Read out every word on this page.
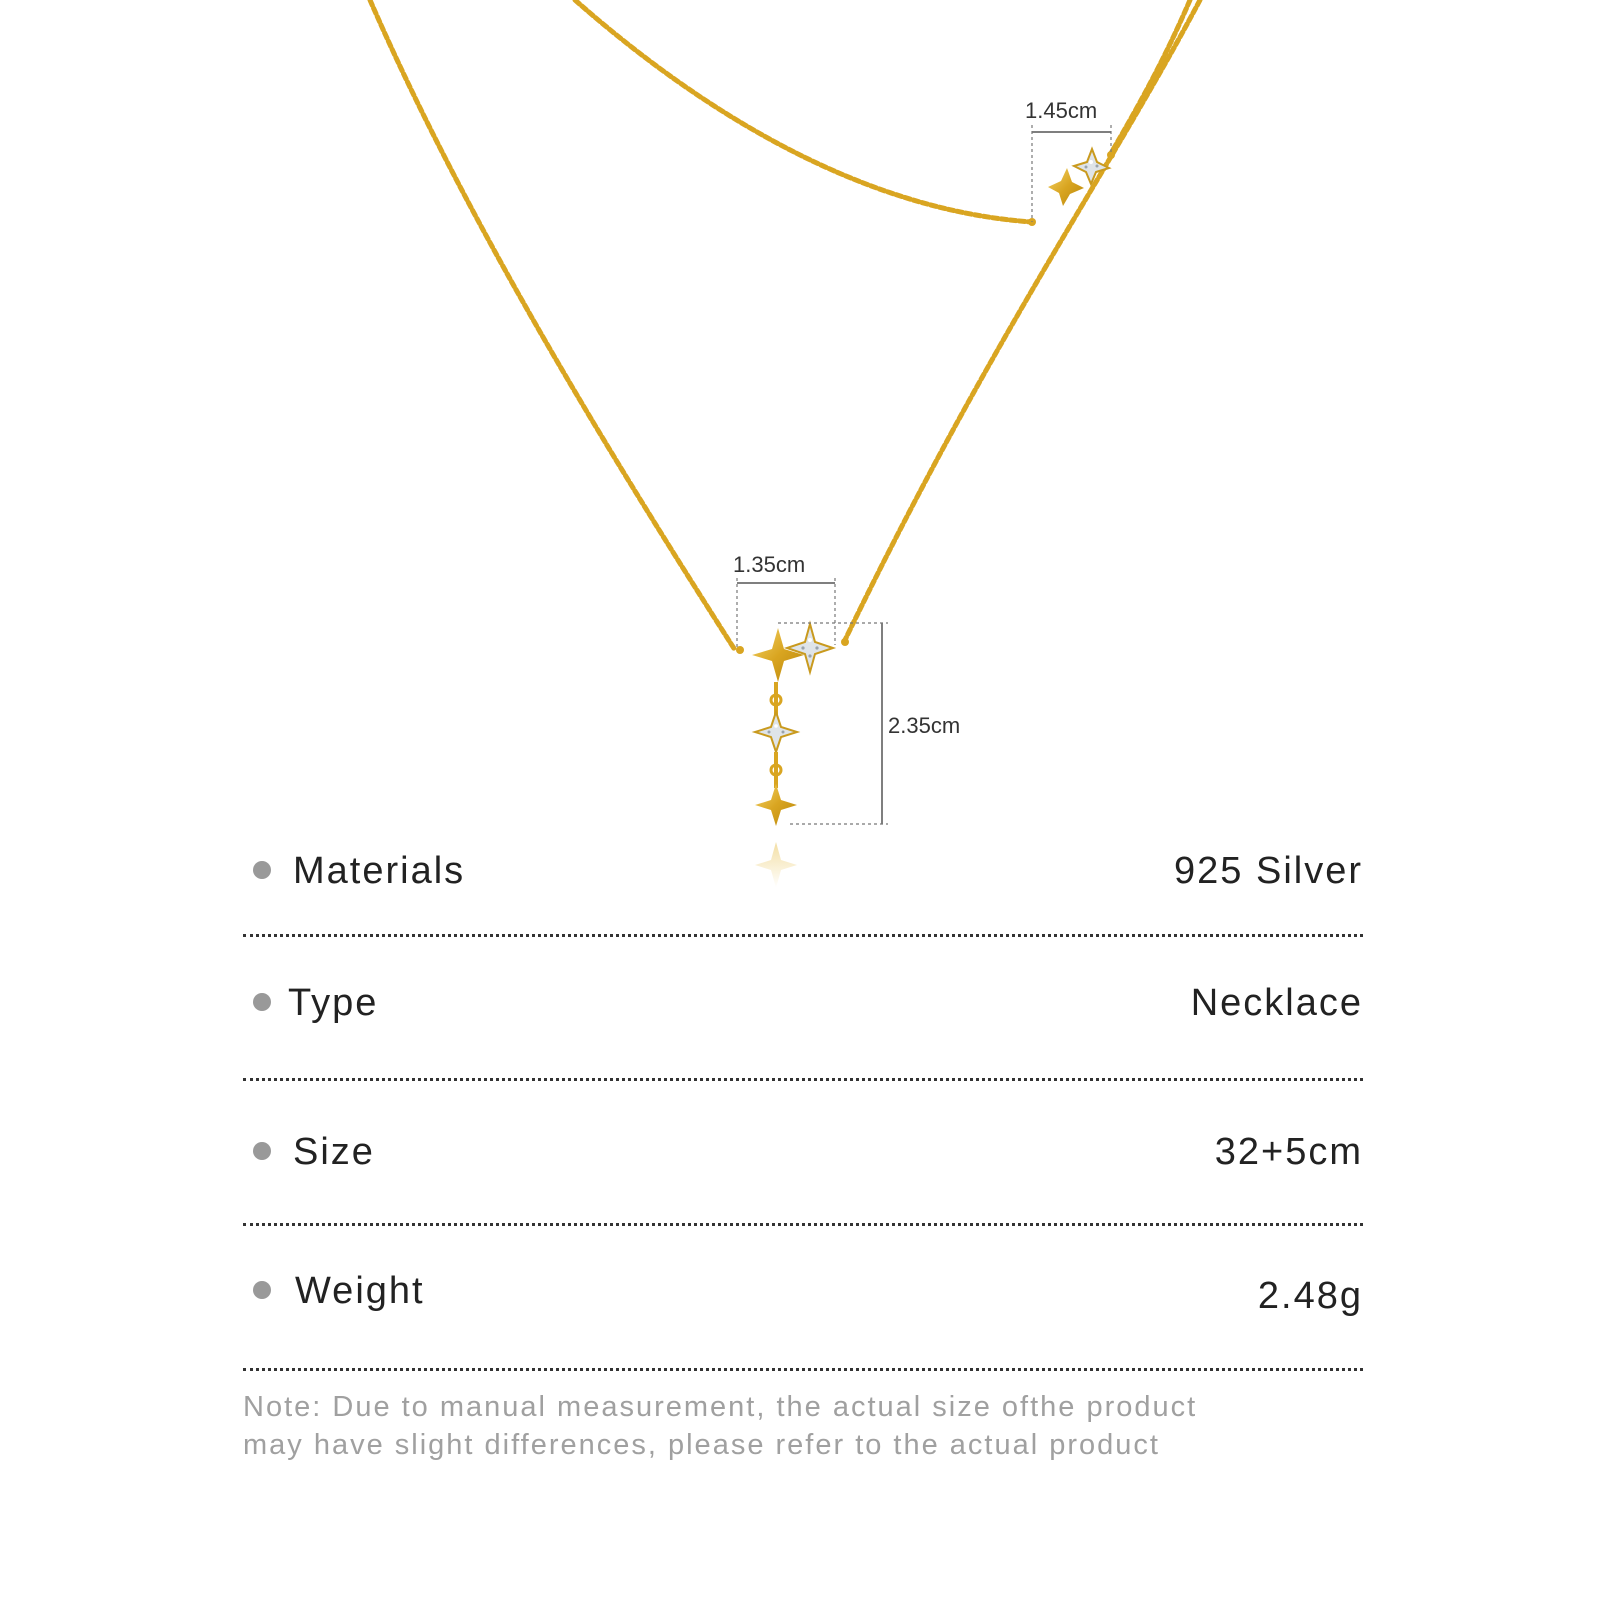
1.45cm
1.35cm
2.35cm
Materials	925 Silver
Type	Necklace
Size	32+5cm
Weight	2.48g
Note: Due to manual measurement, the actual size ofthe product
may have slight differences, please refer to the actual product
